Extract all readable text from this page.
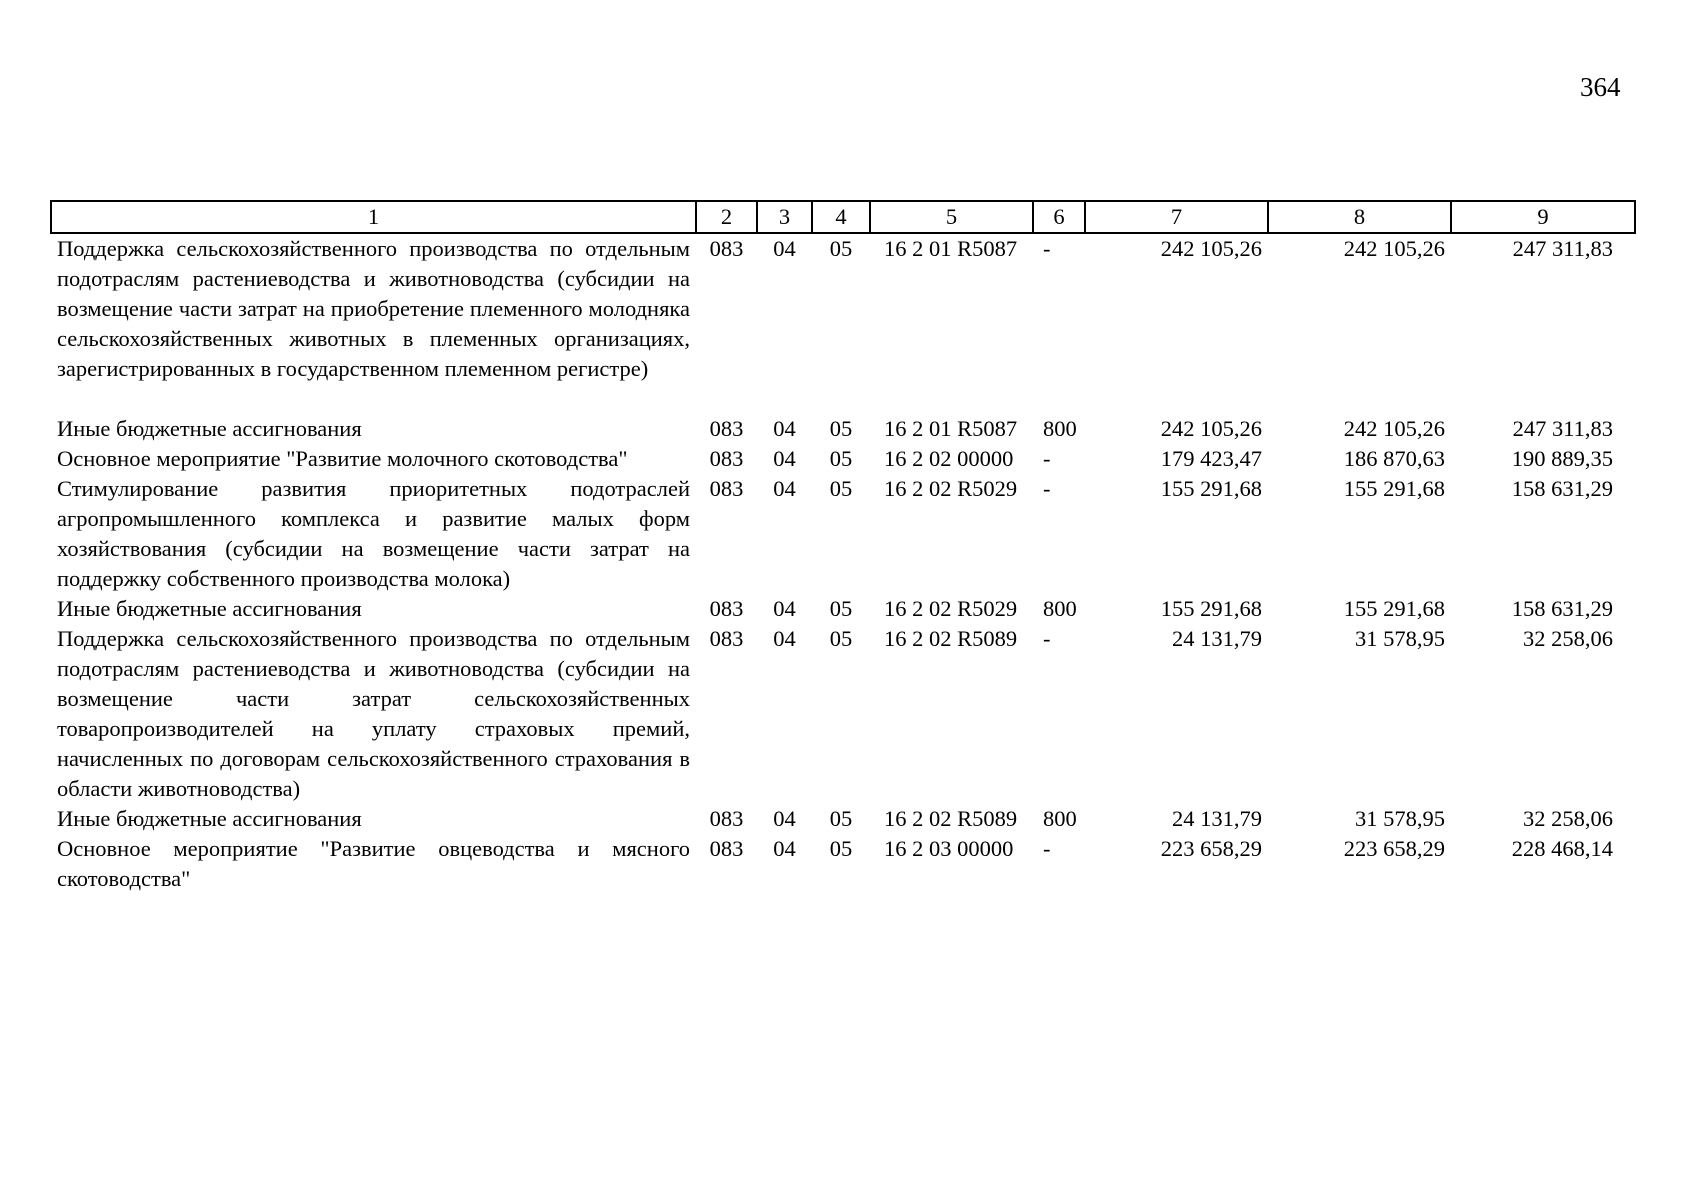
364
1	2	3	4	5	6	7	8	9
Поддержка сельскохозяйственного производства по отдельным подотраслям растениеводства и животноводства (субсидии на возмещение части затрат на приобретение племенного молодняка сельскохозяйственных животных в племенных организациях, зарегистрированных в государственном племенном регистре)	083	04	05	16 2 01 R5087	-	242 105,26	242 105,26	247 311,83
Иные бюджетные ассигнования	083	04	05	16 2 01 R5087	800	242 105,26	242 105,26	247 311,83
Основное мероприятие "Развитие молочного скотоводства"	083	04	05	16 2 02 00000	-	179 423,47	186 870,63	190 889,35
Стимулирование развития приоритетных подотраслей агропромышленного комплекса и развитие малых форм хозяйствования (субсидии на возмещение части затрат на поддержку собственного производства молока)	083	04	05	16 2 02 R5029	-	155 291,68	155 291,68	158 631,29
Иные бюджетные ассигнования	083	04	05	16 2 02 R5029	800	155 291,68	155 291,68	158 631,29
Поддержка сельскохозяйственного производства по отдельным подотраслям растениеводства и животноводства (субсидии на возмещение части затрат сельскохозяйственных товаропроизводителей на уплату страховых премий, начисленных по договорам сельскохозяйственного страхования в области животноводства)	083	04	05	16 2 02 R5089	-	24 131,79	31 578,95	32 258,06
Иные бюджетные ассигнования	083	04	05	16 2 02 R5089	800	24 131,79	31 578,95	32 258,06
Основное мероприятие "Развитие овцеводства и мясного скотоводства"	083	04	05	16 2 03 00000	-	223 658,29	223 658,29	228 468,14
